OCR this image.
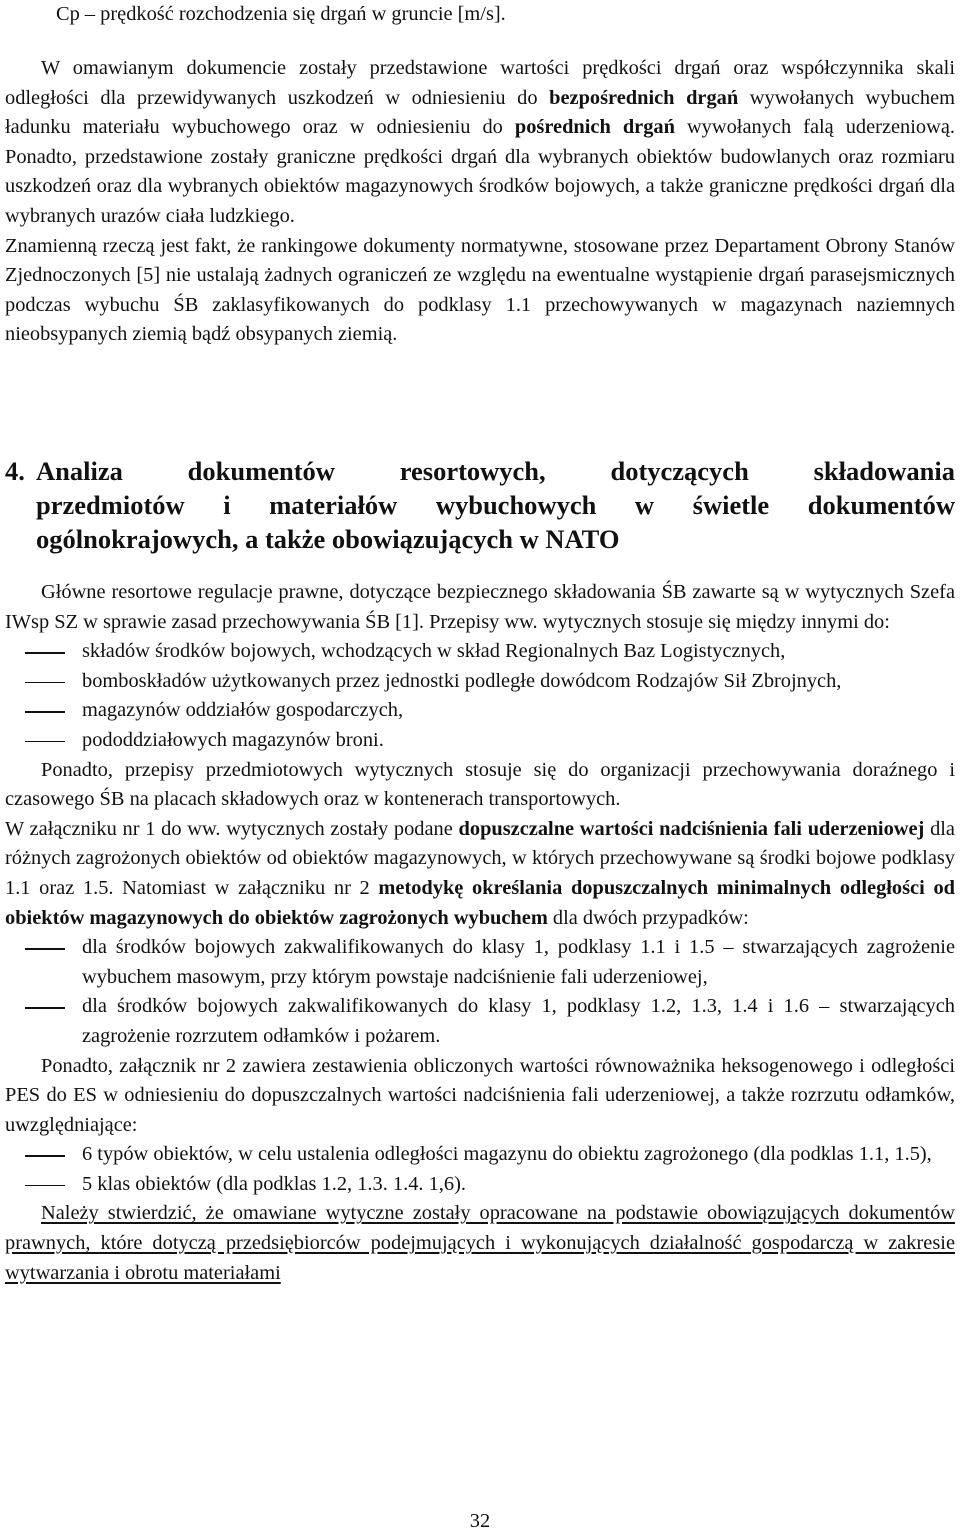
Cp – prędkość rozchodzenia się drgań w gruncie [m/s].

W omawianym dokumencie zostały przedstawione wartości prędkości drgań oraz współczynnika skali odległości dla przewidywanych uszkodzeń w odniesieniu do bezpośrednich drgań wywołanych wybuchem ładunku materiału wybuchowego oraz w odniesieniu do pośrednich drgań wywołanych falą uderzeniową. Ponadto, przedstawione zostały graniczne prędkości drgań dla wybranych obiektów budowlanych oraz rozmiaru uszkodzeń oraz dla wybranych obiektów magazynowych środków bojowych, a także graniczne prędkości drgań dla wybranych urazów ciała ludzkiego.

Znamienną rzeczą jest fakt, że rankingowe dokumenty normatywne, stosowane przez Departament Obrony Stanów Zjednoczonych [5] nie ustalają żadnych ograniczeń ze względu na ewentualne wystąpienie drgań parasejsmicznych podczas wybuchu ŚB zaklasyfikowanych do podklasy 1.1 przechowywanych w magazynach naziemnych nieobsypanych ziemią bądź obsypanych ziemią.

4. Analiza dokumentów resortowych, dotyczących składowania
przedmiotów i materiałów wybuchowych w świetle dokumentów
ogólnokrajowych, a także obowiązujących w NATO

Główne resortowe regulacje prawne, dotyczące bezpiecznego składowania ŚB zawarte są w wytycznych Szefa IWsp SZ w sprawie zasad przechowywania ŚB [1]. Przepisy ww. wytycznych stosuje się między innymi do:

składów środków bojowych, wchodzących w skład Regionalnych Baz Logistycznych,
bomboskładów użytkowanych przez jednostki podległe dowódcom Rodzajów Sił Zbrojnych,
magazynów oddziałów gospodarczych,
pododdziałowych magazynów broni.

Ponadto, przepisy przedmiotowych wytycznych stosuje się do organizacji przechowywania doraźnego i czasowego ŚB na placach składowych oraz w kontenerach transportowych.

W załączniku nr 1 do ww. wytycznych zostały podane dopuszczalne wartości nadciśnienia fali uderzeniowej dla różnych zagrożonych obiektów od obiektów magazynowych, w których przechowywane są środki bojowe podklasy 1.1 oraz 1.5. Natomiast w załączniku nr 2 metodykę określania dopuszczalnych minimalnych odległości od obiektów magazynowych do obiektów zagrożonych wybuchem dla dwóch przypadków:

dla środków bojowych zakwalifikowanych do klasy 1, podklasy 1.1 i 1.5 – stwarzających zagrożenie wybuchem masowym, przy którym powstaje nadciśnienie fali uderzeniowej,
dla środków bojowych zakwalifikowanych do klasy 1, podklasy 1.2, 1.3, 1.4 i 1.6 – stwarzających zagrożenie rozrzutem odłamków i pożarem.

Ponadto, załącznik nr 2 zawiera zestawienia obliczonych wartości równoważnika heksogenowego i odległości PES do ES w odniesieniu do dopuszczalnych wartości nadciśnienia fali uderzeniowej, a także rozrzutu odłamków, uwzględniające:

6 typów obiektów, w celu ustalenia odległości magazynu do obiektu zagrożonego (dla podklas 1.1, 1.5),
5 klas obiektów (dla podklas 1.2, 1.3. 1.4. 1,6).

Należy stwierdzić, że omawiane wytyczne zostały opracowane na podstawie obowiązujących dokumentów prawnych, które dotyczą przedsiębiorców podejmujących i wykonujących działalność gospodarczą w zakresie wytwarzania i obrotu materiałami

32
